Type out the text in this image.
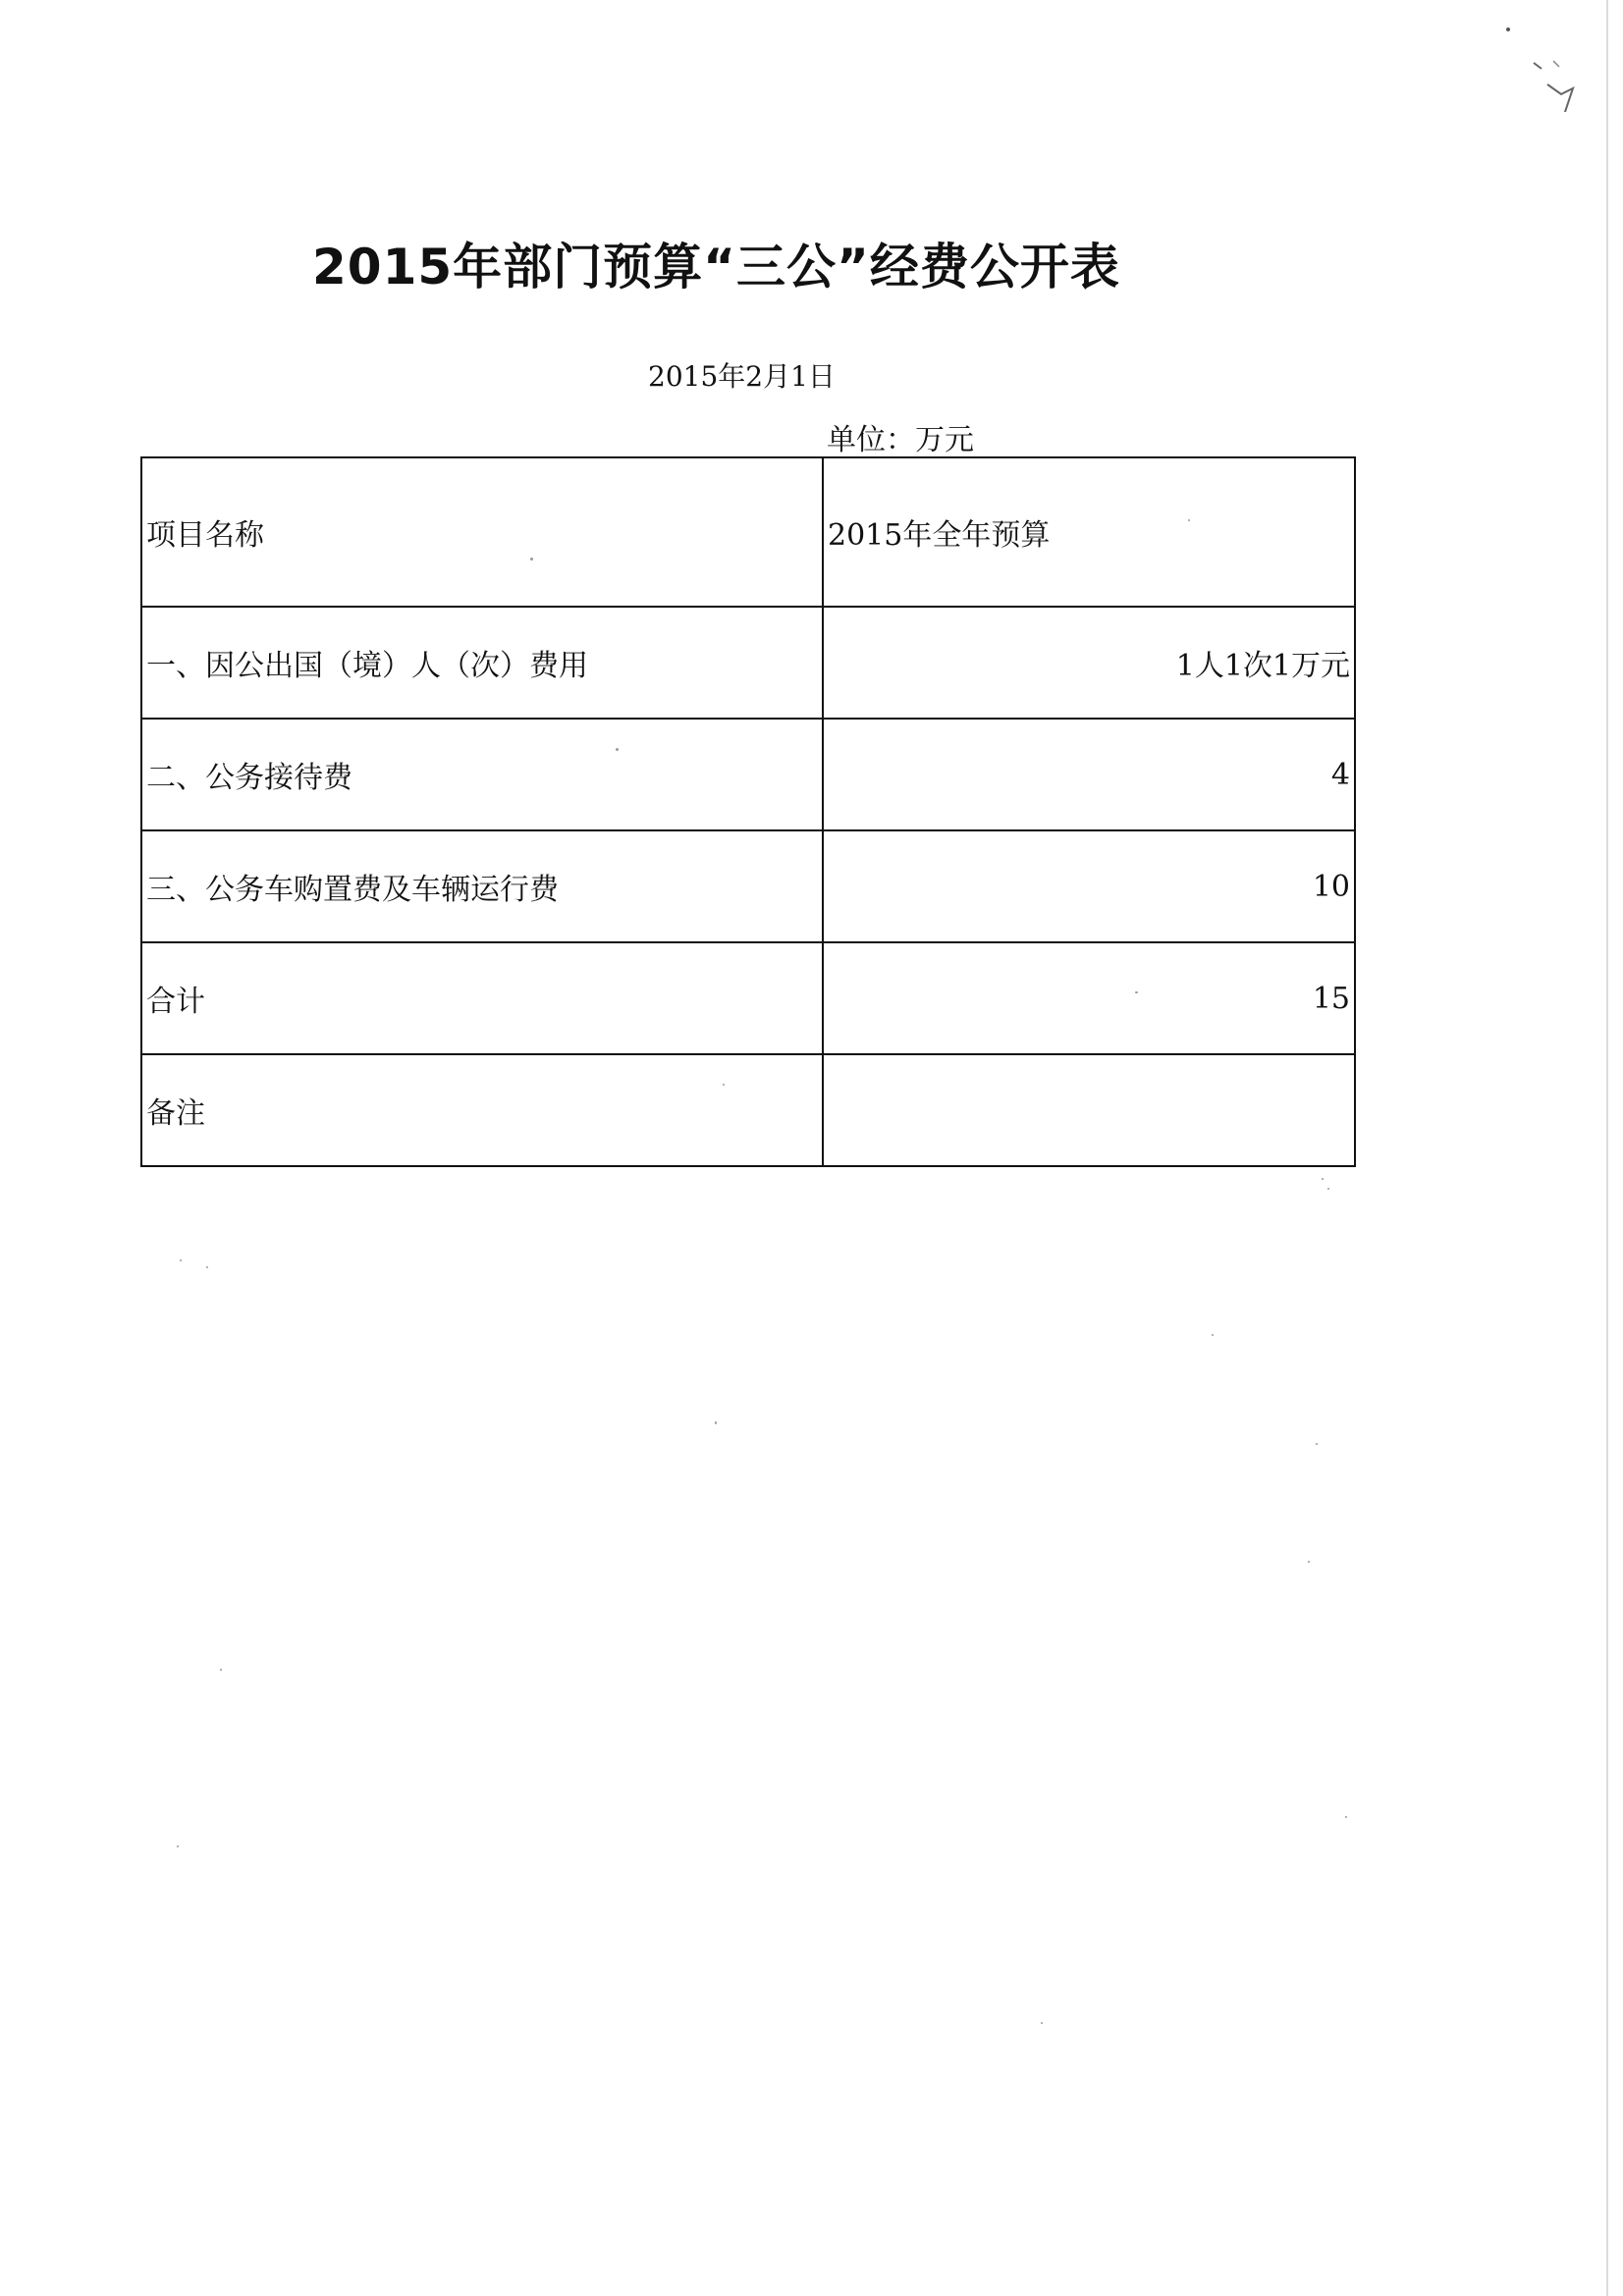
2015年部门预算“三公”经费公开表
2015年2月1日
单位：万元
项目名称	2015年全年预算
一、因公出国（境）人（次）费用	1人1次1万元
二、公务接待费	4
三、公务车购置费及车辆运行费	10
合计	15
备注	
